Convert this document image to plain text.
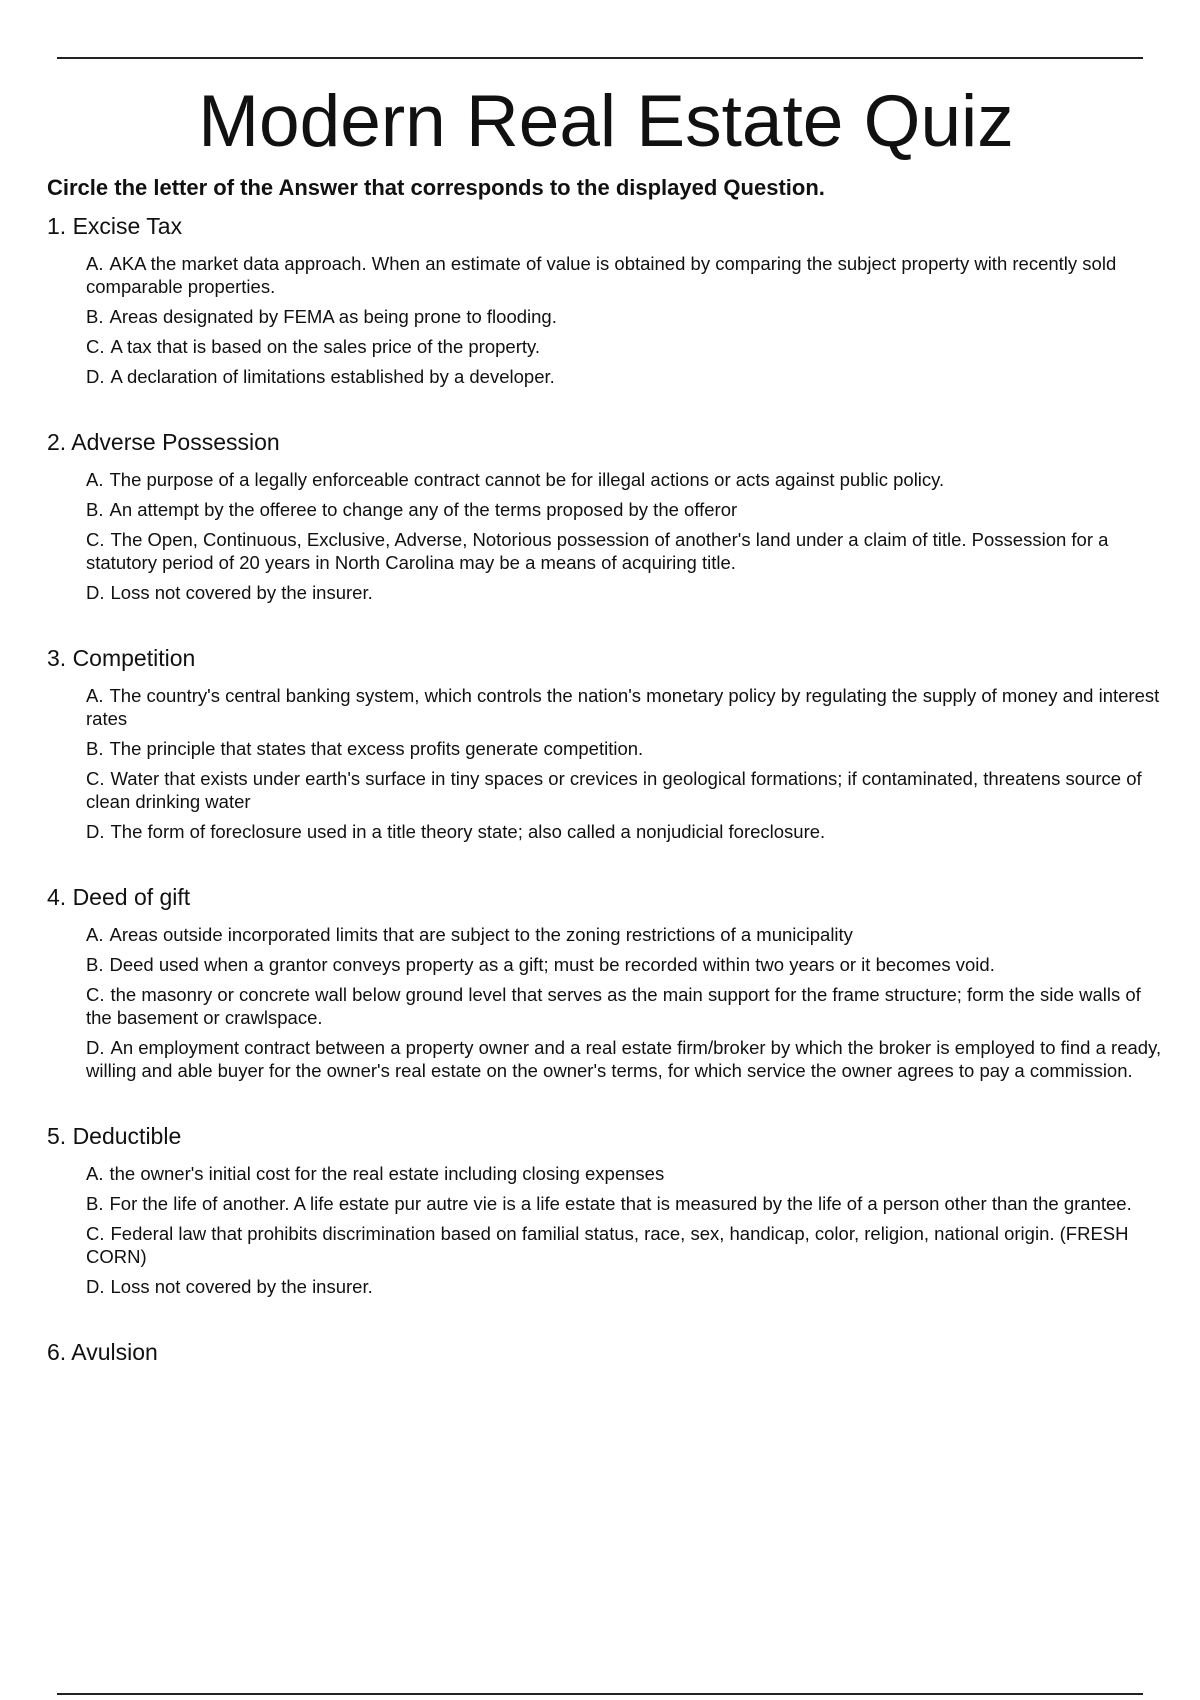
Modern Real Estate Quiz

Circle the letter of the Answer that corresponds to the displayed Question.

1. Excise Tax

A. AKA the market data approach. When an estimate of value is obtained by comparing the subject property with recently sold comparable properties.
B. Areas designated by FEMA as being prone to flooding.
C. A tax that is based on the sales price of the property.
D. A declaration of limitations established by a developer.

2. Adverse Possession

A. The purpose of a legally enforceable contract cannot be for illegal actions or acts against public policy.
B. An attempt by the offeree to change any of the terms proposed by the offeror
C. The Open, Continuous, Exclusive, Adverse, Notorious possession of another's land under a claim of title. Possession for a statutory period of 20 years in North Carolina may be a means of acquiring title.
D. Loss not covered by the insurer.

3. Competition

A. The country's central banking system, which controls the nation's monetary policy by regulating the supply of money and interest rates
B. The principle that states that excess profits generate competition.
C. Water that exists under earth's surface in tiny spaces or crevices in geological formations; if contaminated, threatens source of clean drinking water
D. The form of foreclosure used in a title theory state; also called a nonjudicial foreclosure.

4. Deed of gift

A. Areas outside incorporated limits that are subject to the zoning restrictions of a municipality
B. Deed used when a grantor conveys property as a gift; must be recorded within two years or it becomes void.
C. the masonry or concrete wall below ground level that serves as the main support for the frame structure; form the side walls of the basement or crawlspace.
D. An employment contract between a property owner and a real estate firm/broker by which the broker is employed to find a ready, willing and able buyer for the owner's real estate on the owner's terms, for which service the owner agrees to pay a commission.

5. Deductible

A. the owner's initial cost for the real estate including closing expenses
B. For the life of another. A life estate pur autre vie is a life estate that is measured by the life of a person other than the grantee.
C. Federal law that prohibits discrimination based on familial status, race, sex, handicap, color, religion, national origin. (FRESH CORN)
D. Loss not covered by the insurer.

6. Avulsion
